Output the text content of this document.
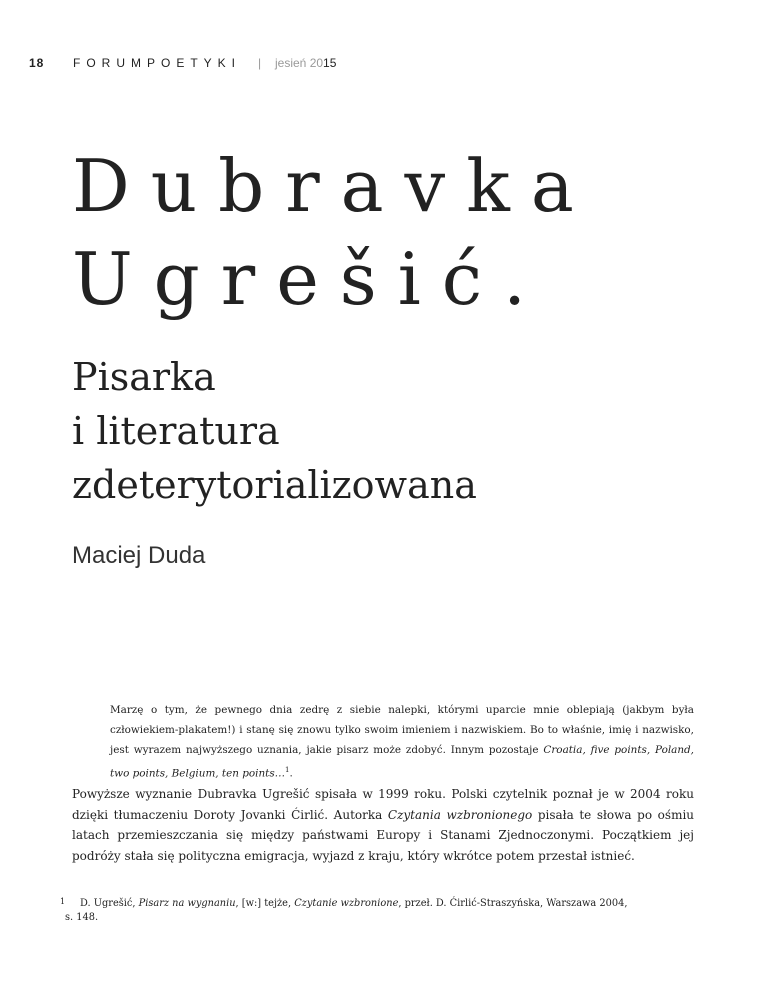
18 FORUMPOETYKI | jesień 2015
Dubravka
Ugrešić.
Pisarka
i literatura
zdeterytorializowana
Maciej Duda
Marzę o tym, że pewnego dnia zedrę z siebie nalepki, którymi uparcie mnie oblepiają (jakbym była człowiekiem-plakatem!) i stanę się znowu tylko swoim imieniem i nazwiskiem. Bo to właśnie, imię i nazwisko, jest wyrazem najwyższego uznania, jakie pisarz może zdobyć. Innym pozostaje Croatia, five points, Poland, two points, Belgium, ten points…$^1$.
Powyższe wyznanie Dubravka Ugrešić spisała w 1999 roku. Polski czytelnik poznał je w 2004 roku dzięki tłumaczeniu Doroty Jovanki Ćirlić. Autorka Czytania wzbronionego pisała te słowa po ośmiu latach przemieszczania się między państwami Europy i Stanami Zjednoczonymi. Początkiem jej podróży stała się polityczna emigracja, wyjazd z kraju, który wkrótce potem przestał istnieć.
1 D. Ugrešić, Pisarz na wygnaniu, [w:] tejże, Czytanie wzbronione, przeł. D. Ćirlić-Straszyńska, Warszawa 2004,
s. 148.
